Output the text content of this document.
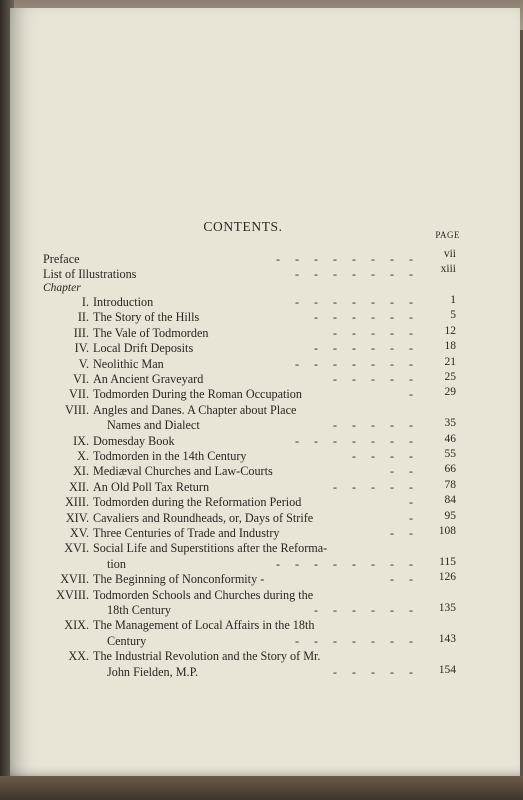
CONTENTS.
PAGE
Preface	-     -     -     -     -     -     -     -	vii
List of Illustrations	-     -     -     -     -     -     -	xiii
Chapter
I. Introduction	-     -     -     -     -     -     -	1
II. The Story of the Hills	-     -     -     -     -     -	5
III. The Vale of Todmorden	-     -     -     -     -	12
IV. Local Drift Deposits	-     -     -     -     -     -	18
V. Neolithic Man	-     -     -     -     -     -     -	21
VI. An Ancient Graveyard	-     -     -     -     -	25
VII. Todmorden During the Roman Occupation	-	29
VIII. Angles and Danes. A Chapter about Place
Names and Dialect	-     -     -     -     -	35
IX. Domesday Book	-     -     -     -     -     -     -	46
X. Todmorden in the 14th Century	-     -     -     -	55
XI. Mediæval Churches and Law-Courts	-     -	66
XII. An Old Poll Tax Return	-     -     -     -     -	78
XIII. Todmorden during the Reformation Period	-	84
XIV. Cavaliers and Roundheads, or, Days of Strife	-	95
XV. Three Centuries of Trade and Industry	-     -	108
XVI. Social Life and Superstitions after the Reforma-
tion	-     -     -     -     -     -     -     -	115
XVII. The Beginning of Nonconformity -	-     -	126
XVIII. Todmorden Schools and Churches during the
18th Century	-     -     -     -     -     -	135
XIX. The Management of Local Affairs in the 18th
Century	-     -     -     -     -     -     -	143
XX. The Industrial Revolution and the Story of Mr.
John Fielden, M.P.	-     -     -     -     -	154
